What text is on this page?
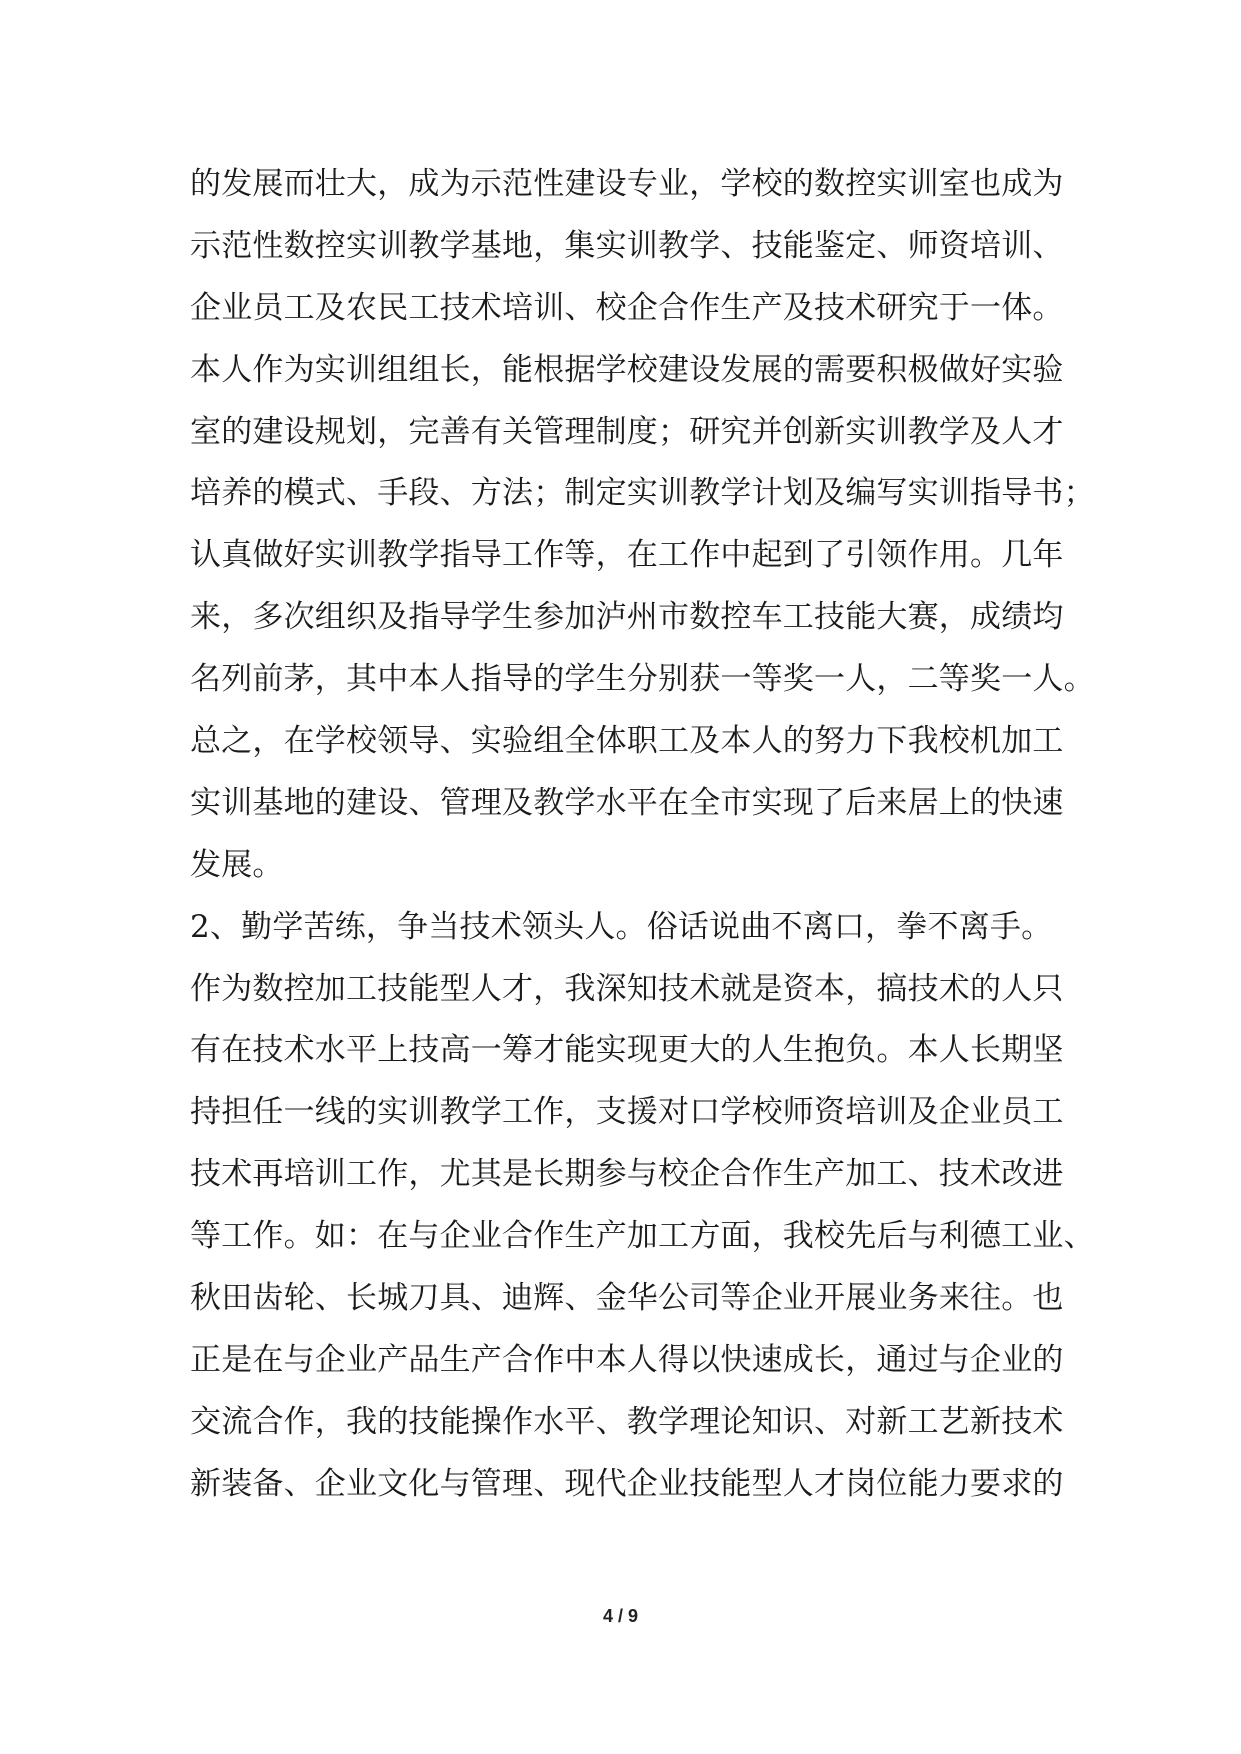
的发展而壮大，成为示范性建设专业，学校的数控实训室也成为
示范性数控实训教学基地，集实训教学、技能鉴定、师资培训、
企业员工及农民工技术培训、校企合作生产及技术研究于一体。
本人作为实训组组长，能根据学校建设发展的需要积极做好实验
室的建设规划，完善有关管理制度；研究并创新实训教学及人才
培养的模式、手段、方法；制定实训教学计划及编写实训指导书；
认真做好实训教学指导工作等，在工作中起到了引领作用。几年
来，多次组织及指导学生参加泸州市数控车工技能大赛，成绩均
名列前茅，其中本人指导的学生分别获一等奖一人，二等奖一人。
总之，在学校领导、实验组全体职工及本人的努力下我校机加工
实训基地的建设、管理及教学水平在全市实现了后来居上的快速
发展。
2、勤学苦练，争当技术领头人。俗话说曲不离口，拳不离手。
作为数控加工技能型人才，我深知技术就是资本，搞技术的人只
有在技术水平上技高一筹才能实现更大的人生抱负。本人长期坚
持担任一线的实训教学工作，支援对口学校师资培训及企业员工
技术再培训工作，尤其是长期参与校企合作生产加工、技术改进
等工作。如：在与企业合作生产加工方面，我校先后与利德工业、
秋田齿轮、长城刀具、迪辉、金华公司等企业开展业务来往。也
正是在与企业产品生产合作中本人得以快速成长，通过与企业的
交流合作，我的技能操作水平、教学理论知识、对新工艺新技术
新装备、企业文化与管理、现代企业技能型人才岗位能力要求的
4 / 9
